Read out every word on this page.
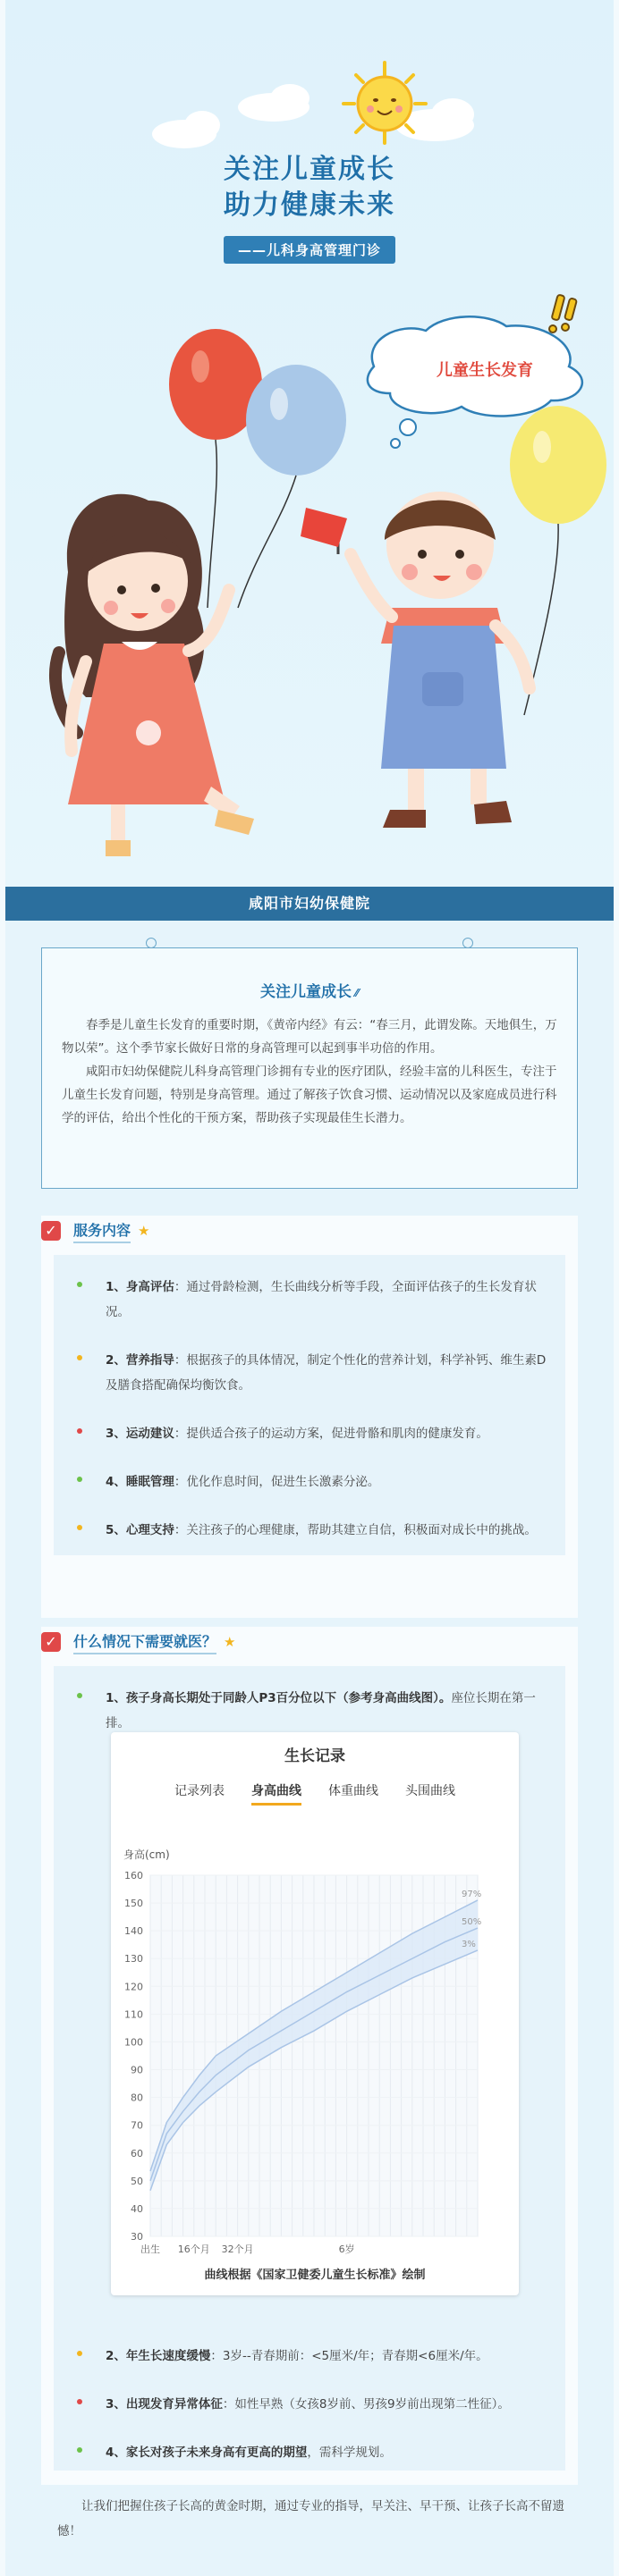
关注儿童成长
助力健康未来
——儿科身高管理门诊
儿童生长发育
咸阳市妇幼保健院
关注儿童成长 ⁄⁄

春季是儿童生长发育的重要时期，《黄帝内经》有云：“春三月，此谓发陈。天地俱生，万物以荣”。这个季节家长做好日常的身高管理可以起到事半功倍的作用。

咸阳市妇幼保健院儿科身高管理门诊拥有专业的医疗团队，经验丰富的儿科医生，专注于儿童生长发育问题，特别是身高管理。通过了解孩子饮食习惯、运动情况以及家庭成员进行科学的评估，给出个性化的干预方案，帮助孩子实现最佳生长潜力。

✓ 服务内容 ★
1、身高评估：通过骨龄检测，生长曲线分析等手段，全面评估孩子的生长发育状况。
2、营养指导：根据孩子的具体情况，制定个性化的营养计划，科学补钙、维生素D及膳食搭配确保均衡饮食。
3、运动建议：提供适合孩子的运动方案，促进骨骼和肌肉的健康发育。
4、睡眠管理：优化作息时间，促进生长激素分泌。
5、心理支持：关注孩子的心理健康，帮助其建立自信，积极面对成长中的挑战。
✓ 什么情况下需要就医？ ★
1、孩子身高长期处于同龄人P3百分位以下（参考身高曲线图）。座位长期在第一排。
2、年生长速度缓慢：3岁--青春期前：<5厘米/年；青春期<6厘米/年。
3、出现发育异常体征：如性早熟（女孩8岁前、男孩9岁前出现第二性征）。
4、家长对孩子未来身高有更高的期望，需科学规划。
生长记录
记录列表 身高曲线 体重曲线 头围曲线
身高(cm)
30
40
50
60
70
80
90
100
110
120
130
140
150
160
出生 16个月 32个月	6岁
97%
50%
3%
曲线根据《国家卫健委儿童生长标准》绘制
让我们把握住孩子长高的黄金时期，通过专业的指导，早关注、早干预、让孩子长高不留遗憾！
